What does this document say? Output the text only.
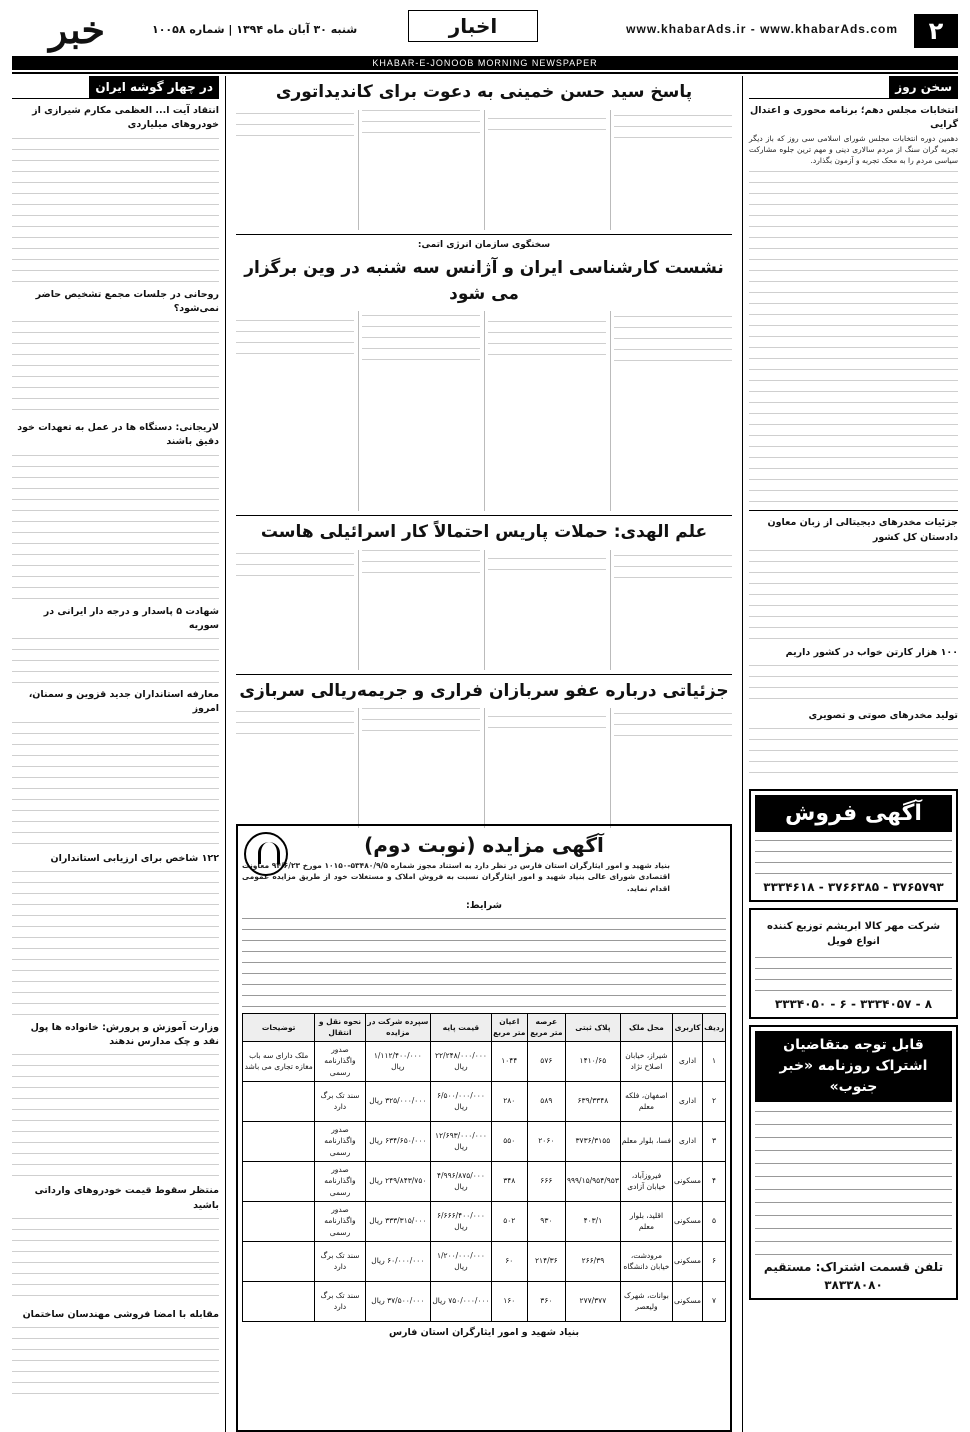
۲
www.khabarAds.ir - www.khabarAds.com
اخبار
خبر	شنبه ۳۰ آبان ماه ۱۳۹۴ | شماره ۱۰۰۵۸
KHABAR-E-JONOOB MORNING NEWSPAPER
سخن روز
انتخابات مجلس دهم؛ برنامه محوری و اعتدال گرایی
دهمین دوره انتخابات مجلس شورای اسلامی سی روز که باز دیگر تجربه گران سنگ از مردم سالاری دینی و مهم ترین جلوه مشارکت سیاسی مردم را به محک تجربه و آزمون بگذارد.
جزئیات مخدرهای دیجیتالی از زبان معاون دادستان کل کشور
۱۰۰ هزار کارتن خواب در کشور داریم
تولید مخدرهای صوتی و تصویری
آگهی فروش
۳۳۳۴۶۱۸ - ۳۷۶۶۳۸۵ - ۳۷۶۵۷۹۳
شرکت مهر کالا ابریشم توزیع کننده انواع فویل
۳۳۳۴۰۵۰ - ۶ - ۳۳۳۴۰۵۷ - ۸
قابل توجه متقاضیان اشتراک روزنامه «خبر جنوب»
تلفن قسمت اشتراک: مستقیم ۳۸۳۳۸۰۸۰
پاسخ سید حسن خمینی به دعوت برای کاندیداتوری
سخنگوی سازمان انرژی اتمی:
نشست کارشناسی ایران و آژانس سه شنبه در وین برگزار می شود
علم الهدی: حملات پاریس احتمالاً کار اسرائیلی هاست
جزئیاتی درباره عفو سربازان فراری و جریمه‌ریالی سربازی
آگهی مزایده (نوبت دوم)
بنیاد شهید و امور ایثارگران استان فارس در نظر دارد به استناد مجوز شماره ۵۳۴۸۰/۹/۵-۱۰۱۵۰ مورخ ۹۴/۶/۲۳ معاونت اقتصادی شورای عالی بنیاد شهید و امور ایثارگران نسبت به فروش املاک و مستغلات خود از طریق مزایده عمومی اقدام نماید.
شرایط:
ردیف	کاربری	محل ملک	پلاک ثبتی	عرصه متر مربع	اعیان متر مربع	قیمت پایه	سپرده شرکت در مزایده	نحوه نقل و انتقال	توضیحات
۱	اداری	شیراز، خیابان اصلاح نژاد	۱۴۱۰/۶۵	۵۷۶	۱۰۴۴	۲۲/۲۴۸/۰۰۰/۰۰۰ ریال	۱/۱۱۲/۴۰۰/۰۰۰ ریال	صدور واگذارنامه رسمی	ملک دارای سه باب مغازه تجاری می باشد
۲	اداری	اصفهان، فلکه معلم	۶۳۹/۳۳۴۸	۵۸۹	۲۸۰	۶/۵۰۰/۰۰۰/۰۰۰ ریال	۳۲۵/۰۰۰/۰۰۰ ریال	سند تک برگ دارد	
۳	اداری	فسا، بلوار معلم	۳۷۳۶/۳۱۵۵	۲۰۶۰	۵۵۰	۱۲/۶۹۳/۰۰۰/۰۰۰ ریال	۶۳۴/۶۵۰/۰۰۰ ریال	صدور واگذارنامه رسمی	
۴	مسکونی	فیروزآباد، خیابان آزادی	۹۹۹/۱۵/۹۵۴/۹۵۳	۶۶۶	۳۴۸	۴/۹۹۶/۸۷۵/۰۰۰ ریال	۲۴۹/۸۴۳/۷۵۰ ریال	صدور واگذارنامه رسمی	
۵	مسکونی	اقلید، بلوار معلم	۴۰۳/۱	۹۳۰	۵۰۲	۶/۶۶۶/۴۰۰/۰۰۰ ریال	۳۳۳/۳۱۵/۰۰۰ ریال	صدور واگذارنامه رسمی	
۶	مسکونی	مرودشت، خیابان دانشگاه	۲۶۶/۳۹	۲۱۴/۳۶	۶۰	۱/۲۰۰/۰۰۰/۰۰۰ ریال	۶۰/۰۰۰/۰۰۰ ریال	سند تک برگ دارد	
۷	مسکونی	بوانات، شهرک ولیعصر	۲۷۷/۳۷۷	۳۶۰	۱۶۰	۷۵۰/۰۰۰/۰۰۰ ریال	۳۷/۵۰۰/۰۰۰ ریال	سند تک برگ دارد	
بنیاد شهید و امور ایثارگران استان فارس
در چهار گوشه ایران
انتقاد آیت ا... العظمی مکارم شیرازی از خودروهای میلیاردی
روحانی در جلسات مجمع تشخیص حاضر نمی‌شود؟
لاریجانی: دستگاه ها در عمل به تعهدات خود دقیق باشند
شهادت ۵ پاسدار و درجه دار ایرانی در سوریه
معارفه استانداران جدید قزوین و سمنان، امروز
۱۲۲ شاخص برای ارزیابی استانداران
وزارت آموزش و پرورش: خانواده ها پول نقد و چک مدارس ندهند
منتظر سقوط قیمت خودروهای وارداتی باشید
مقابله با امضا فروشی مهندسان ساختمان
